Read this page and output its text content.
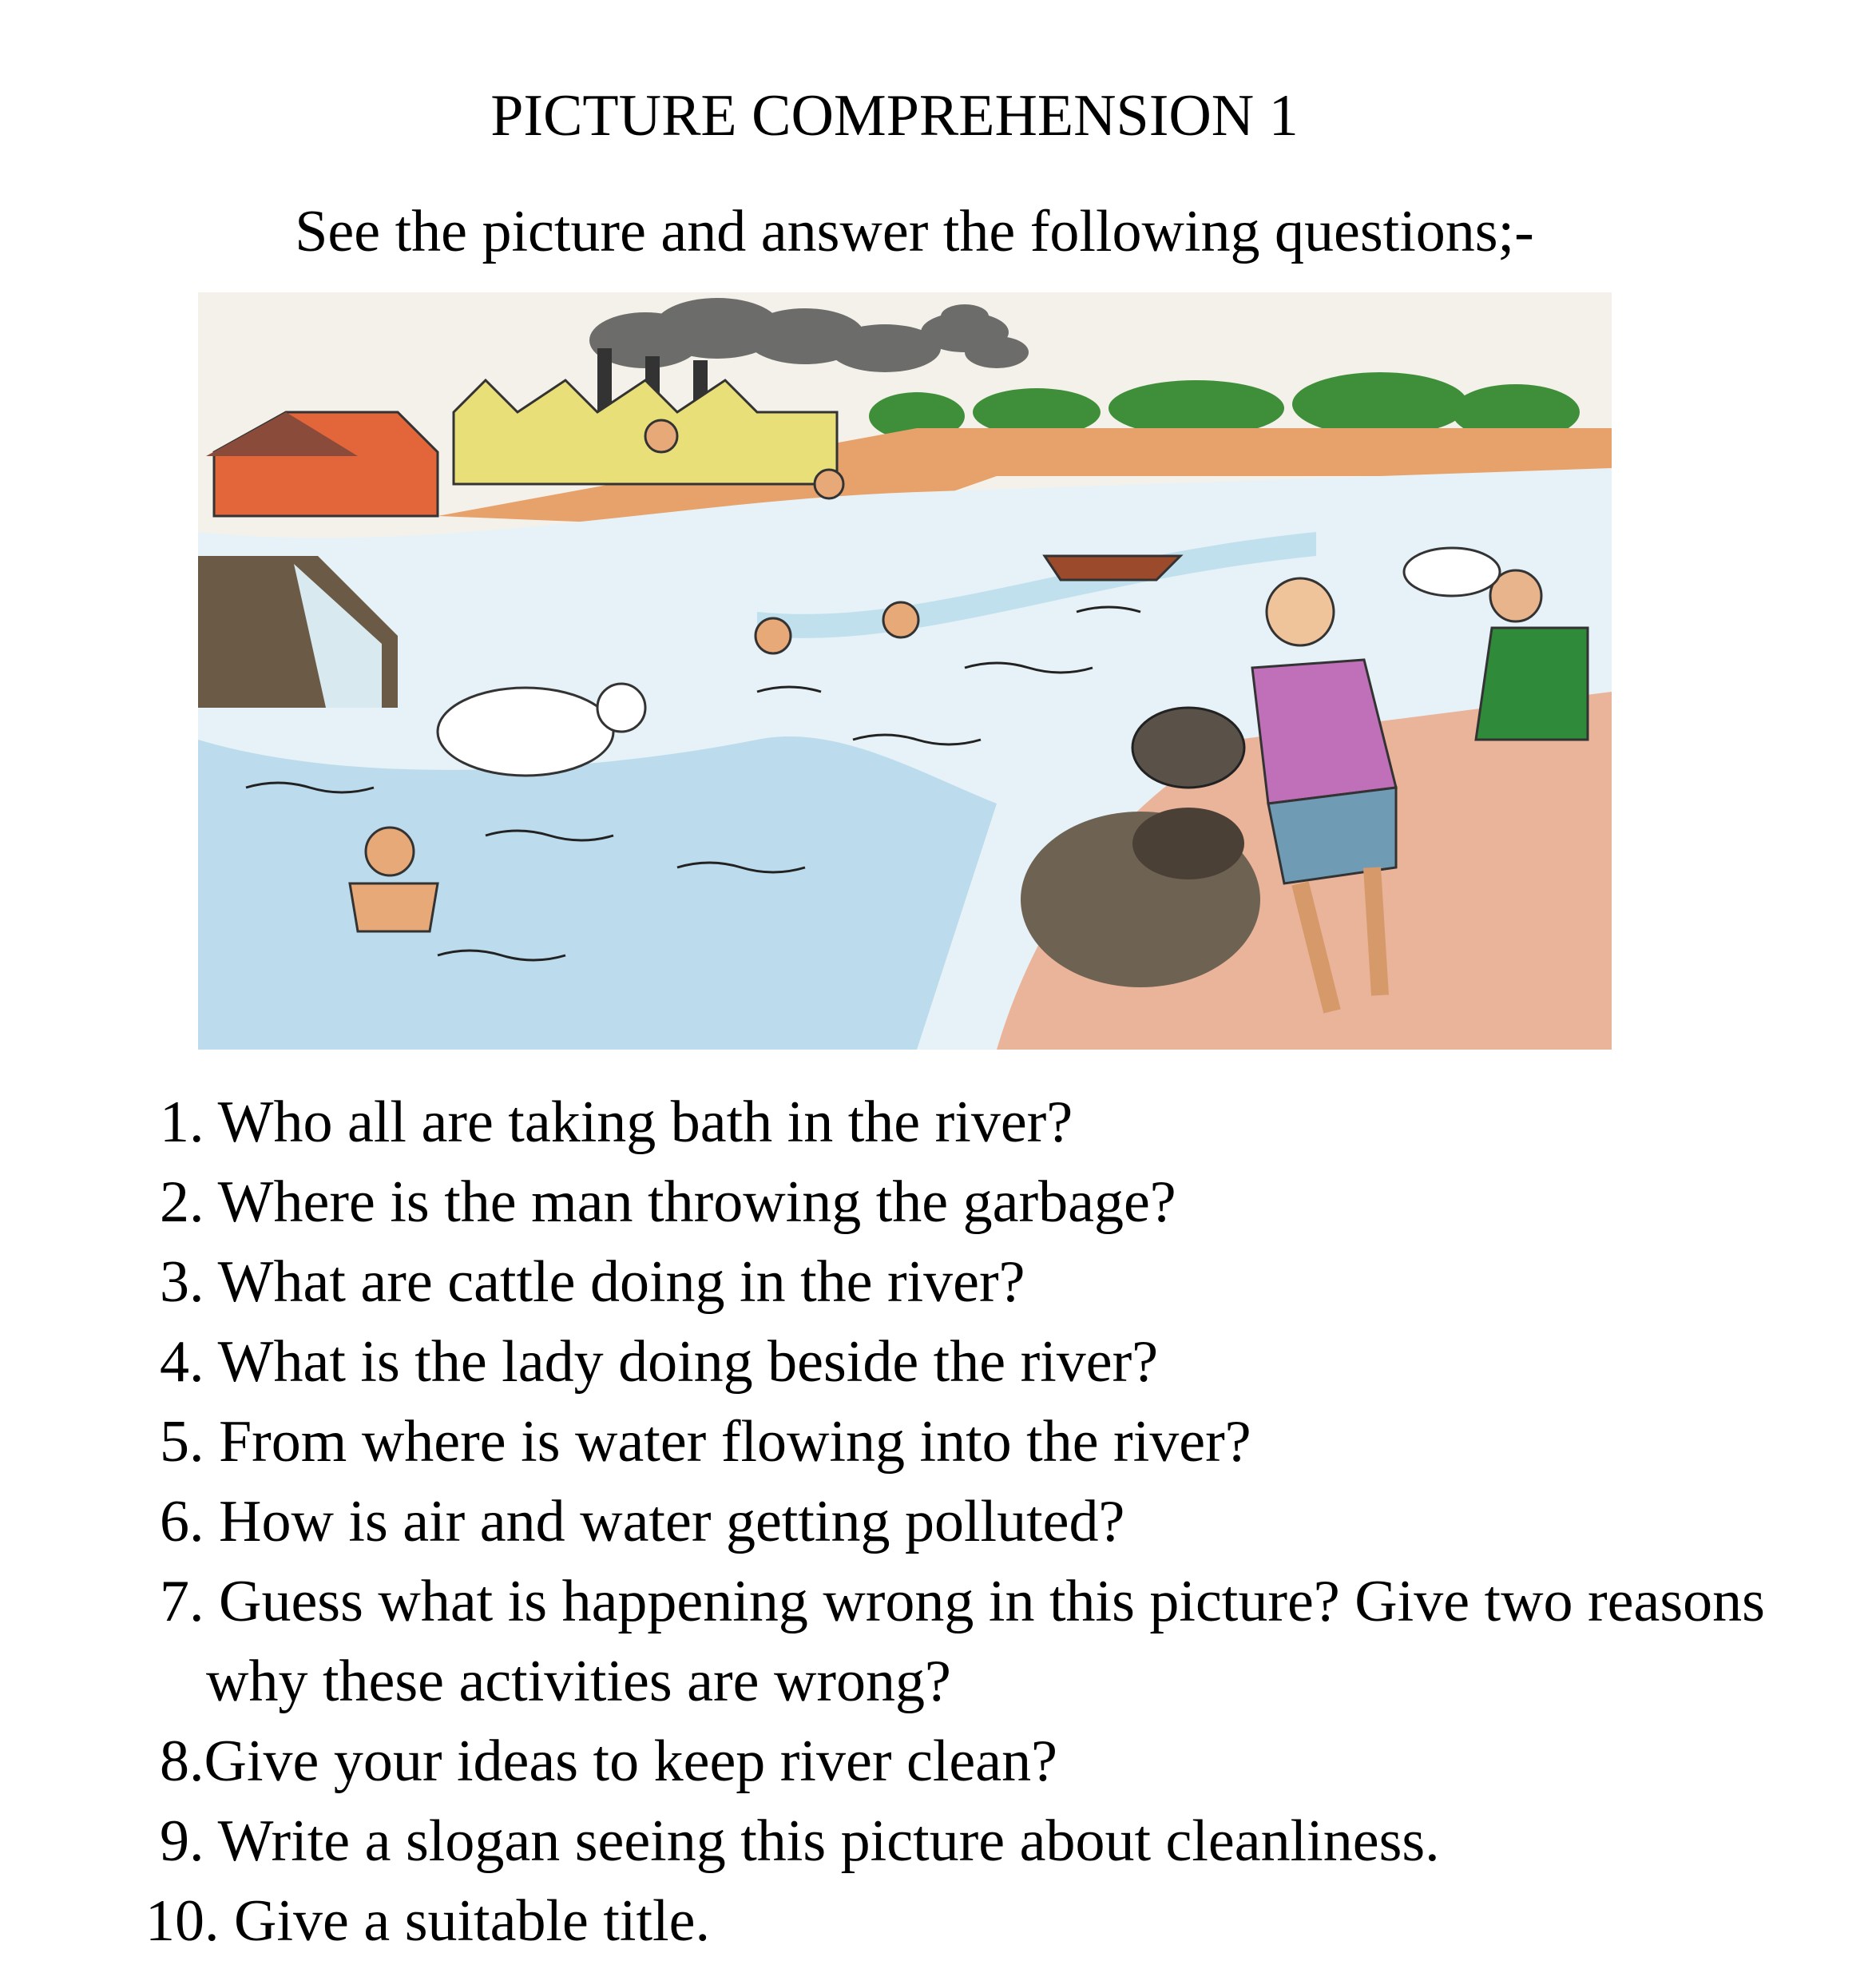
PICTURE COMPREHENSION 1
See the picture and answer the following questions;-
1. Who all are taking bath in the river?
2. Where is the man throwing the garbage?
3. What are cattle doing in the river?
4. What is the lady doing beside the river?
5. From where is water flowing into the river?
6. How is air and water getting polluted?
7. Guess what is happening wrong in this picture? Give two reasons
why these activities are wrong?
8.Give your ideas to keep river clean?
9. Write a slogan seeing this picture about cleanliness.
10. Give a suitable title.
